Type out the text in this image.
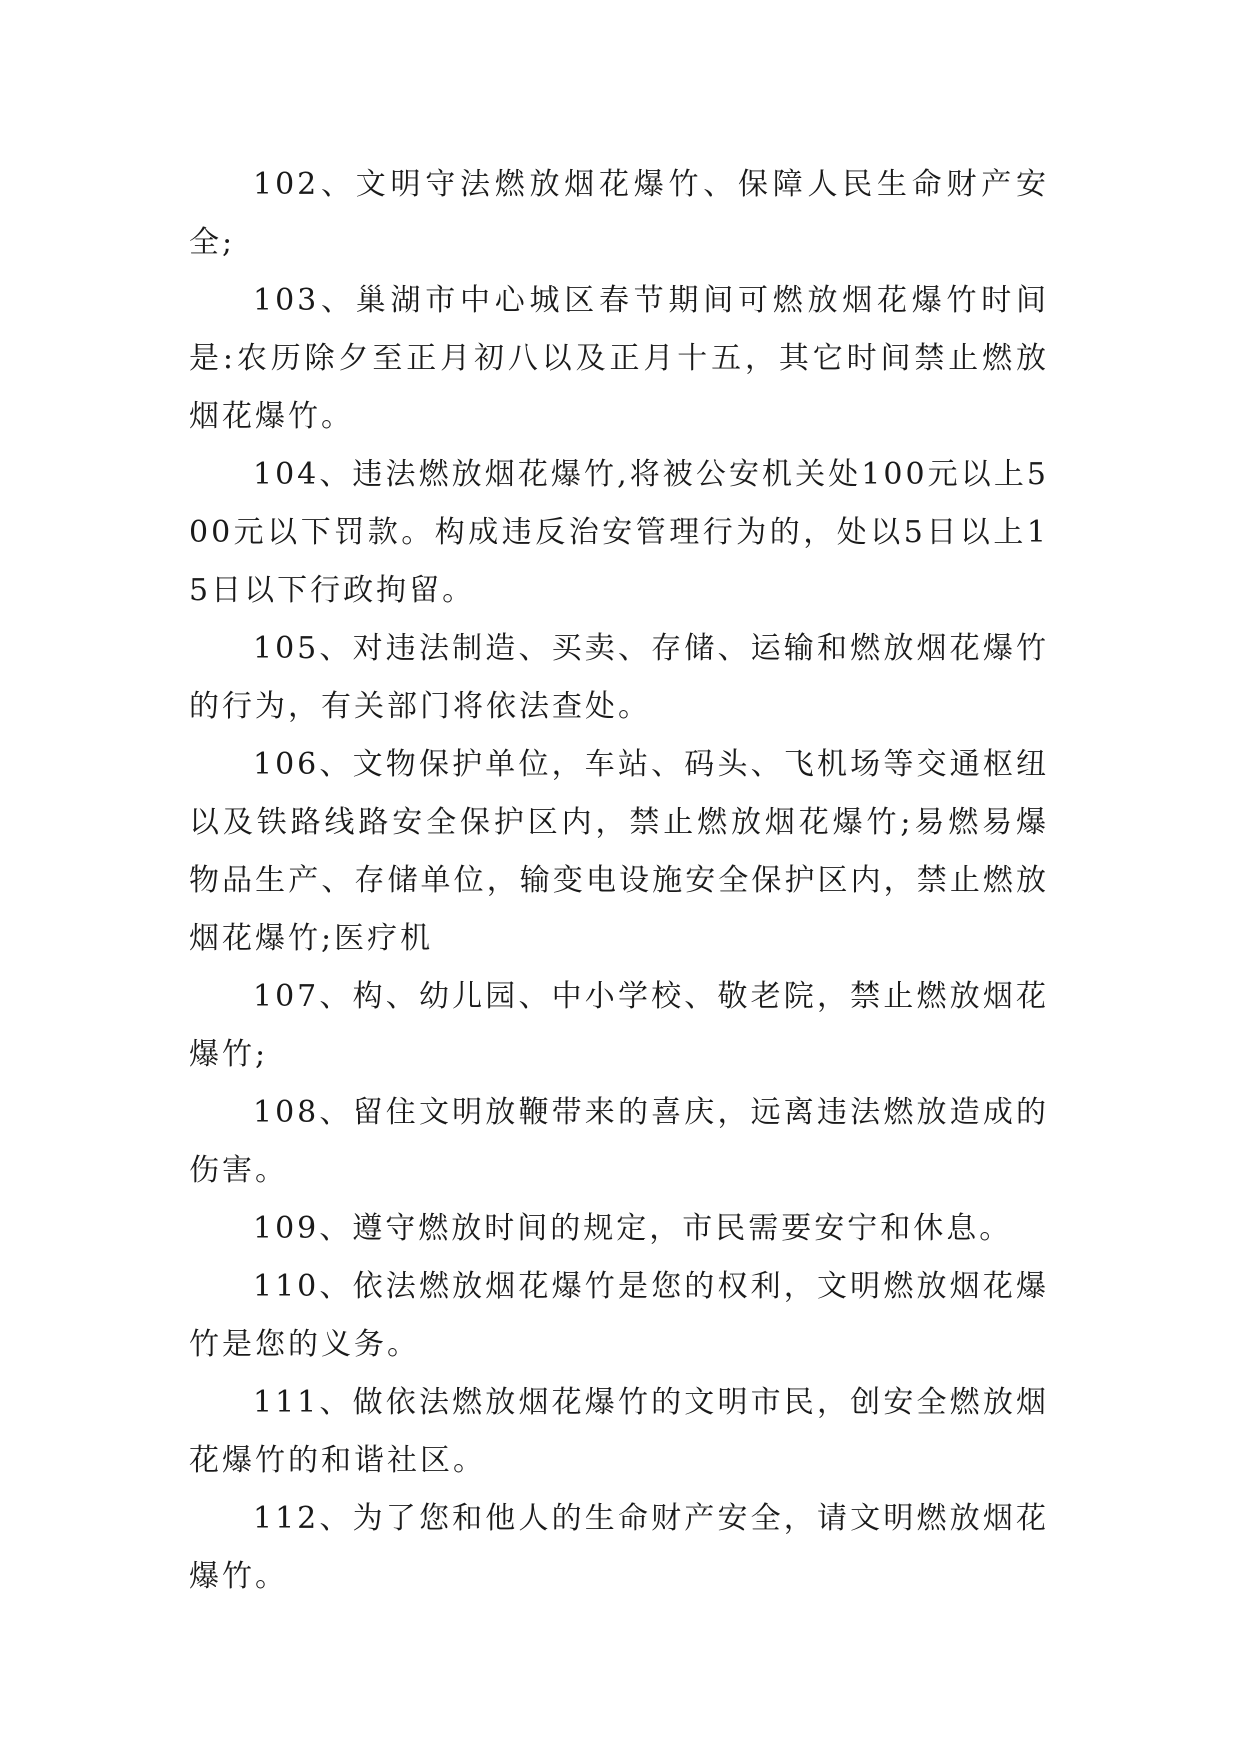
102、文明守法燃放烟花爆竹、保障人民生命财产安全;

103、巢湖市中心城区春节期间可燃放烟花爆竹时间是:农历除夕至正月初八以及正月十五，其它时间禁止燃放烟花爆竹。

104、违法燃放烟花爆竹,将被公安机关处100元以上500元以下罚款。构成违反治安管理行为的，处以5日以上15日以下行政拘留。

105、对违法制造、买卖、存储、运输和燃放烟花爆竹的行为，有关部门将依法查处。

106、文物保护单位，车站、码头、飞机场等交通枢纽以及铁路线路安全保护区内，禁止燃放烟花爆竹;易燃易爆物品生产、存储单位，输变电设施安全保护区内，禁止燃放烟花爆竹;医疗机

107、构、幼儿园、中小学校、敬老院，禁止燃放烟花爆竹;

108、留住文明放鞭带来的喜庆，远离违法燃放造成的伤害。

109、遵守燃放时间的规定，市民需要安宁和休息。

110、依法燃放烟花爆竹是您的权利，文明燃放烟花爆竹是您的义务。

111、做依法燃放烟花爆竹的文明市民，创安全燃放烟花爆竹的和谐社区。

112、为了您和他人的生命财产安全，请文明燃放烟花爆竹。
